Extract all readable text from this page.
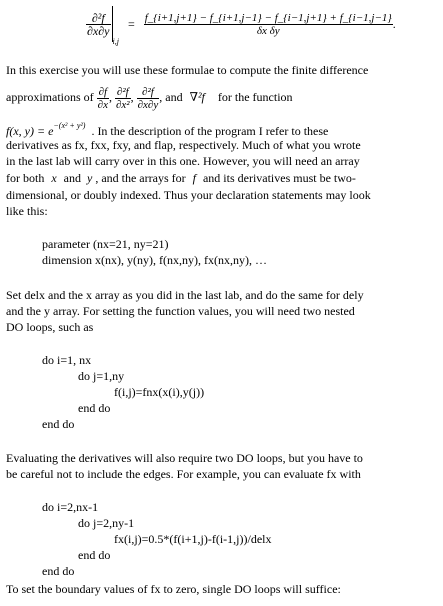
$\frac{\text{∂²f}}{\partial x\partial y}$
$_{i,j} = \frac{f\_\{i+1,j+1\} - f\_\{i+1,j-1\} - f\_\{i-1,j+1\} + f\_\{i-1,j-1\}}{\text{δx δy}}$ .
In this exercise you will use these formulae to compute the finite difference
approximations of $\frac{\partial f}{\partial x}$ , $\frac{\text{∂²f}}{\text{∂x²}}$ , $\frac{\text{∂²f}}{\partial x\partial y}$ , and ∇²f for the function
f(x, $y) = e^{-(x^2 + y^2)}$ . In the description of the program I refer to these
derivatives as fx, fxx, fxy, and flap, respectively. Much of what you wrote
in the last lab will carry over in this one. However, you will need an array
for both x and y , and the arrays for f and its derivatives must be two-
dimensional, or doubly indexed. Thus your declaration statements may look
like this:
parameter (nx=21, ny=21)
dimension x(nx), y(ny), f(nx,ny), fx(nx,ny), …
Set delx and the x array as you did in the last lab, and do the same for dely
and the y array. For setting the function values, you will need two nested
DO loops, such as
do i=1, nx
do j=1,ny
f(i,j)=fnx(x(i),y(j))
end do
end do
Evaluating the derivatives will also require two DO loops, but you have to
be careful not to include the edges. For example, you can evaluate fx with
do i=2,nx-1
do j=2,ny-1
fx(i,j)=0.5*(f(i+1,j)-f(i-1,j))/delx
end do
end do
To set the boundary values of fx to zero, single DO loops will suffice:
